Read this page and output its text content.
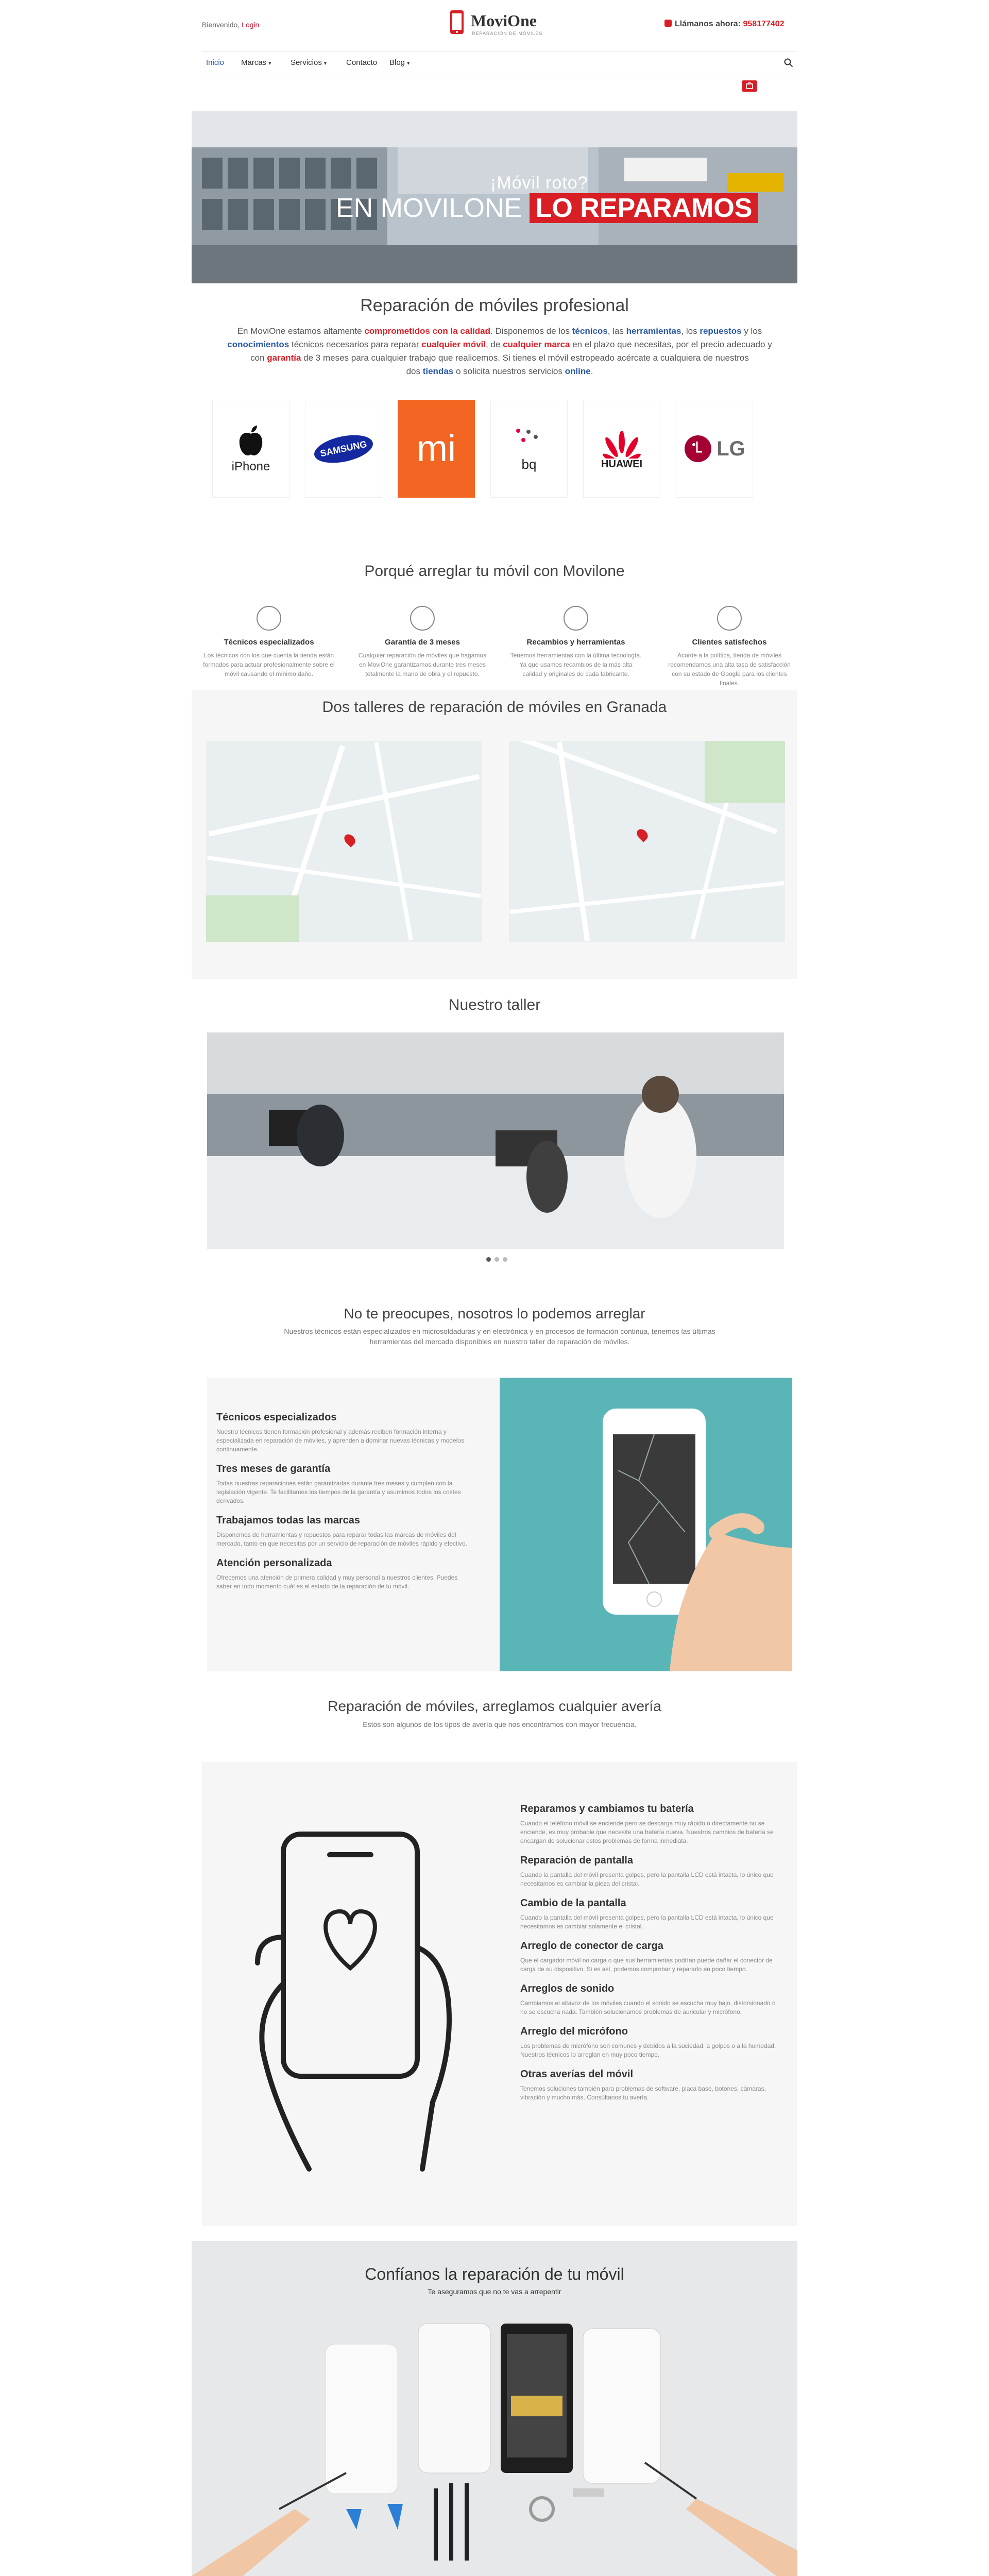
Bienvenido, Login	MoviOne
REPARACIÓN DE MÓVILES
Llámanos ahora: 958177402
Inicio Marcas ▾	Servicios ▾	Contacto Blog ▾
¡Móvil roto?
EN MOVILONE LO REPARAMOS
Reparación de móviles profesional

En MoviOne estamos altamente comprometidos con la calidad. Disponemos de los técnicos, las herramientas, los repuestos y los
conocimientos técnicos necesarios para reparar cualquier móvil, de cualquier marca en el plazo que necesitas, por el precio adecuado y
con garantía de 3 meses para cualquier trabajo que realicemos. Si tienes el móvil estropeado acércate a cualquiera de nuestros
dos tiendas o solicita nuestros servicios online.

iPhone
SAMSUNG mi	bq	HUAWEI
LG
Porqué arreglar tu móvil con Movilone
Técnicos especializados

Los técnicos con los que cuenta la tienda están formados para actuar profesionalmente sobre el móvil causando el mínimo daño.

Garantía de 3 meses

Cualquier reparación de móviles que hagamos en MoviOne garantizamos durante tres meses totalmente la mano de obra y el repuesto.

Recambios y herramientas

Tenemos herramientas con la última tecnología. Ya que usamos recambios de la más alta calidad y originales de cada fabricante.

Clientes satisfechos

Acorde a la política, tienda de móviles recomendamos una alta tasa de satisfacción con su estado de Google para los clientes finales.

Dos talleres de reparación de móviles en Granada
Nuestro taller
No te preocupes, nosotros lo podemos arreglar

Nuestros técnicos están especializados en microsoldaduras y en electrónica y en procesos de formación continua, tenemos las últimas
herramientas del mercado disponibles en nuestro taller de reparación de móviles.

Técnicos especializados

Nuestro técnicos tienen formación profesional y además reciben formación interna y especializada en reparación de móviles, y aprenden a dominar nuevas técnicas y modelos continuamente.

Tres meses de garantía

Todas nuestras reparaciones están garantizadas durante tres meses y cumplen con la legislación vigente. Te facilitamos los tiempos de la garantía y asumimos todos los costes derivados.

Trabajamos todas las marcas

Disponemos de herramientas y repuestos para reparar todas las marcas de móviles del mercado, tanto en que necesitas por un servicio de reparación de móviles rápido y efectivo.

Atención personalizada

Ofrecemos una atención de primera calidad y muy personal a nuestros clientes. Puedes saber en todo momento cuál es el estado de la reparación de tu móvil.

Reparación de móviles, arreglamos cualquier avería

Estos son algunos de los tipos de avería que nos encontramos con mayor frecuencia.

Reparamos y cambiamos tu batería

Cuando el teléfono móvil se enciende pero se descarga muy rápido o directamente no se enciende, es muy probable que necesite una batería nueva. Nuestros cambios de batería se encargan de solucionar estos problemas de forma inmediata.

Reparación de pantalla

Cuando la pantalla del móvil presenta golpes, pero la pantalla LCD está intacta, lo único que necesitamos es cambiar la pieza del cristal.

Cambio de la pantalla

Cuando la pantalla del móvil presenta golpes, pero la pantalla LCD está intacta, lo único que necesitamos es cambiar solamente el cristal.

Arreglo de conector de carga

Que el cargador móvil no carga o que sus herramientas podrían puede dañar el conector de carga de su dispositivo. Si es así, podemos comprobar y repararlo en poco tiempo.

Arreglos de sonido

Cambiamos el altavoz de los móviles cuando el sonido se escucha muy bajo, distorsionado o no se escucha nada. También solucionamos problemas de auricular y micrófono.

Arreglo del micrófono

Los problemas de micrófono son comunes y debidos a la suciedad, a golpes o a la humedad. Nuestros técnicos lo arreglan en muy poco tiempo.

Otras averías del móvil

Tenemos soluciones también para problemas de software, placa base, botones, cámaras, vibración y mucho más. Consúltanos tu avería.

Confíanos la reparación de tu móvil
Te aseguramos que no te vas a arrepentir
